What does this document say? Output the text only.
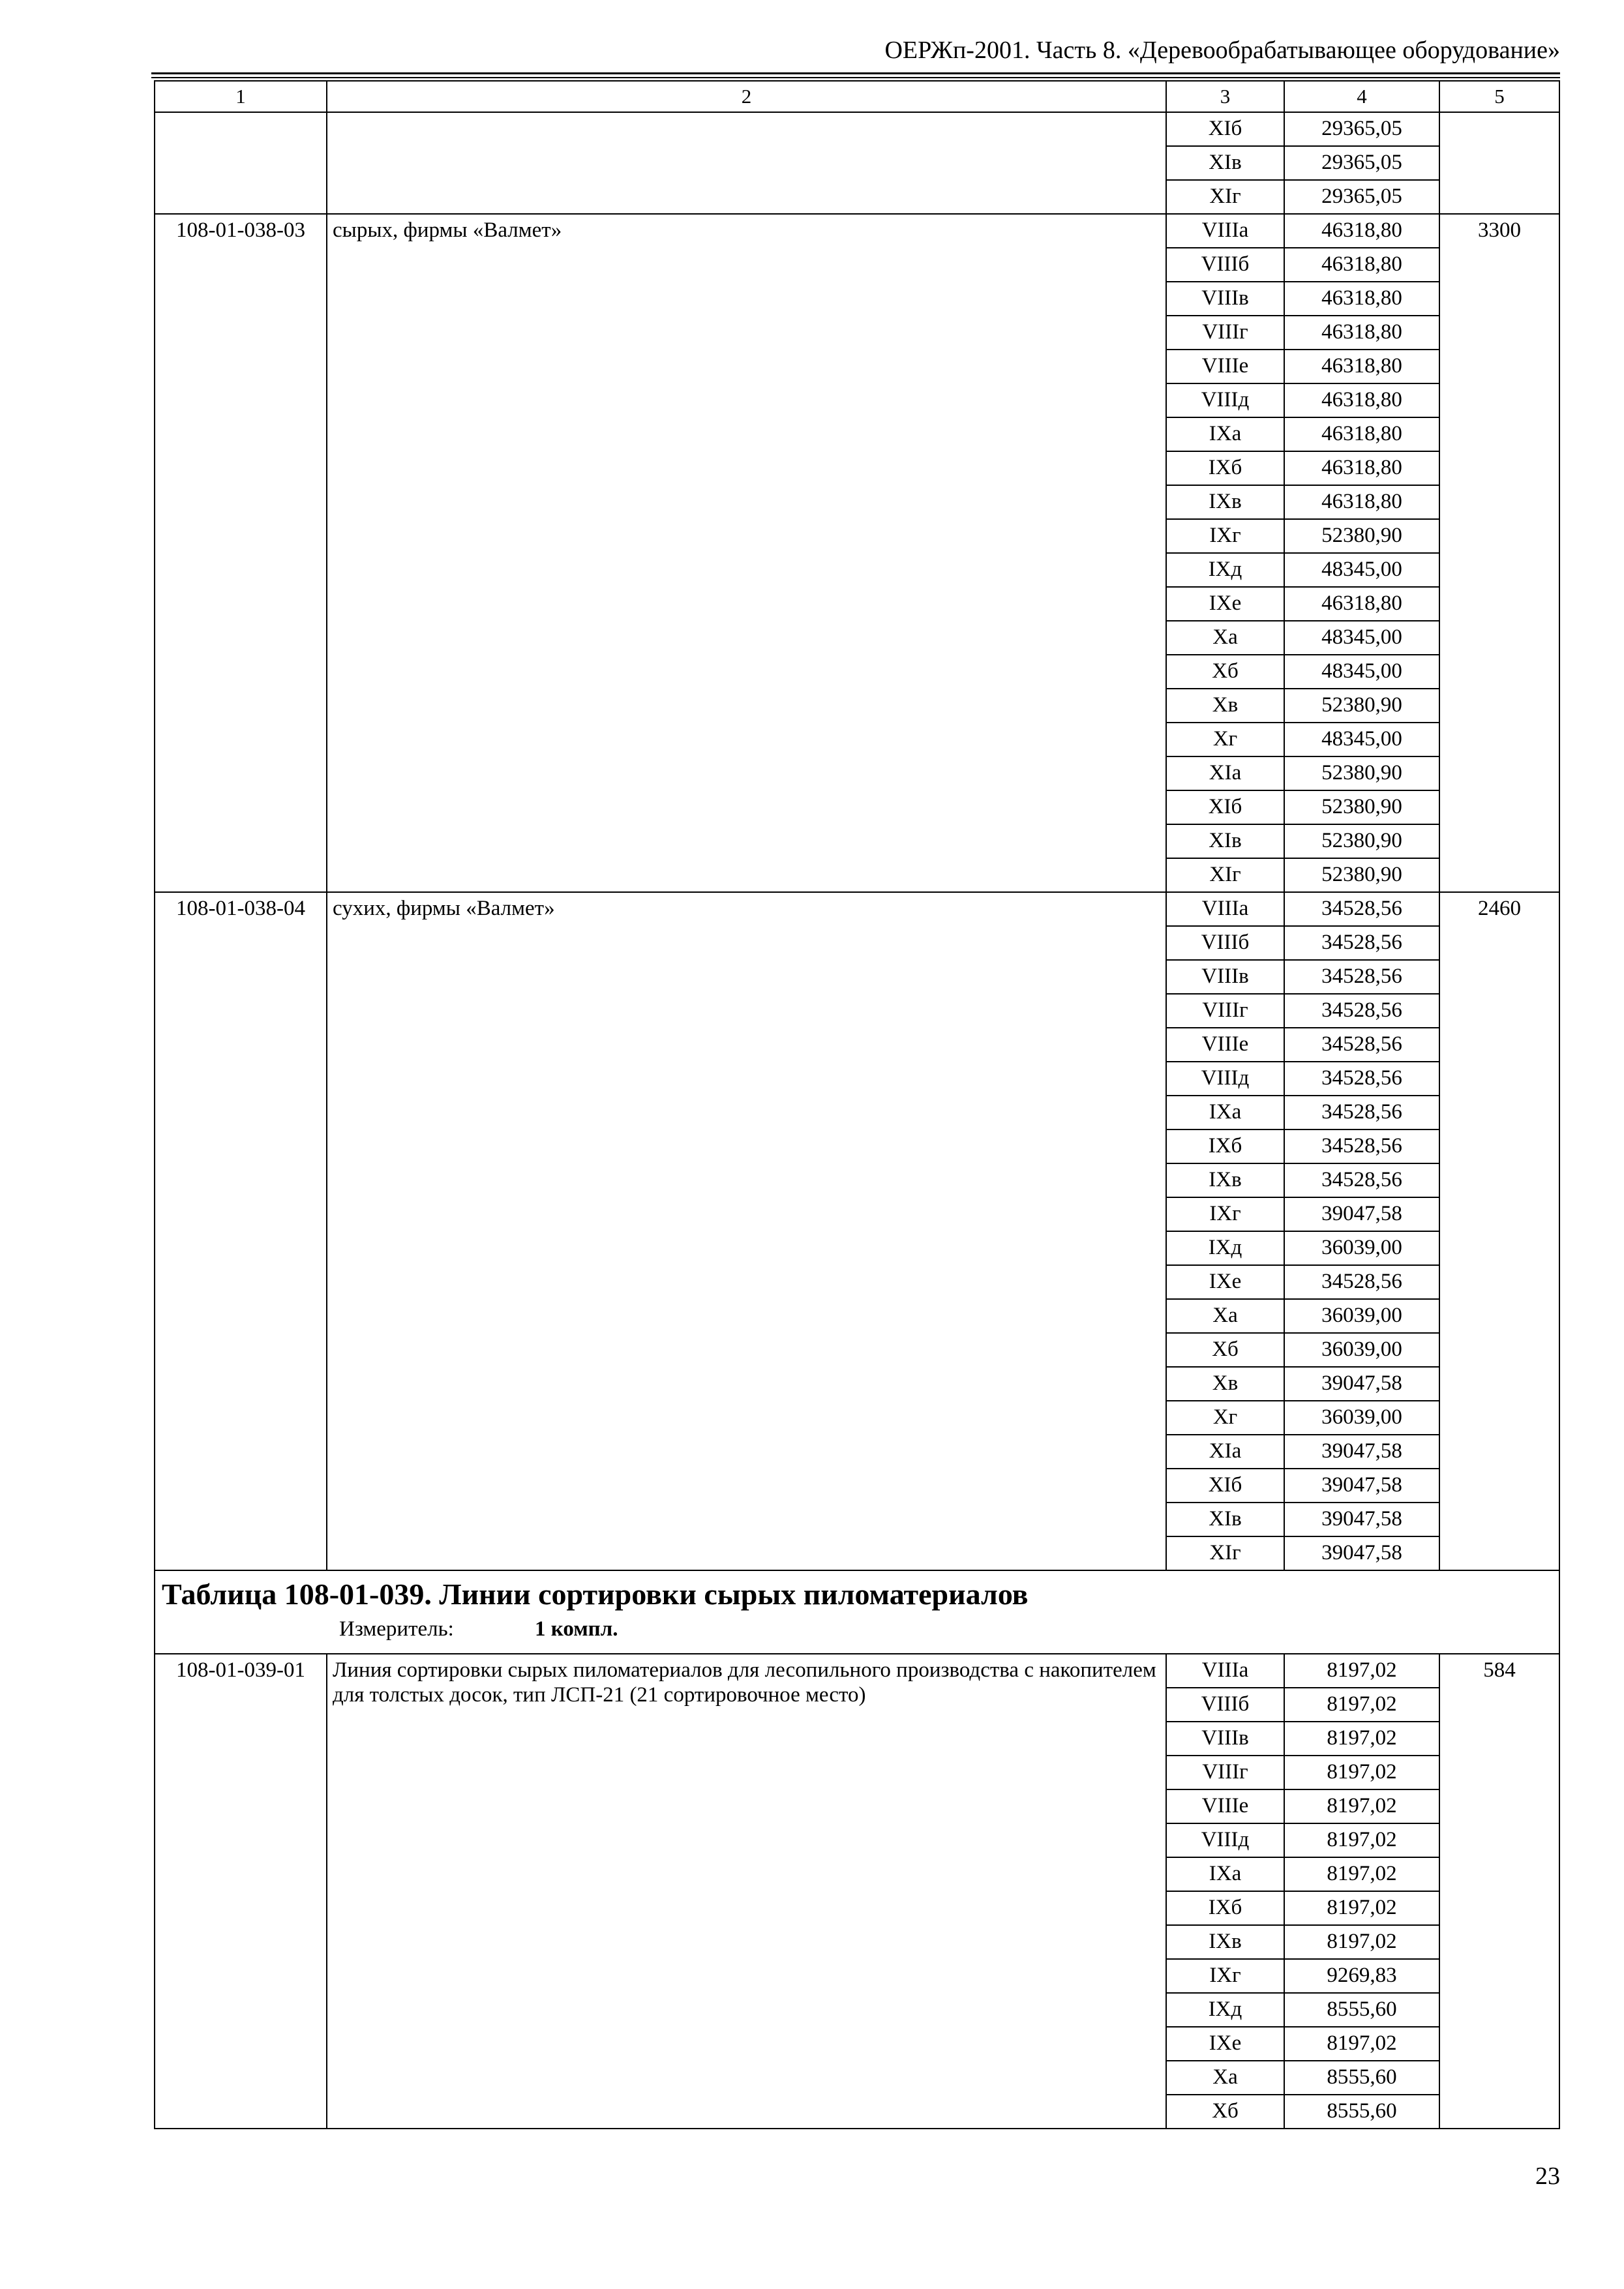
ОЕРЖп-2001. Часть 8. «Деревообрабатывающее оборудование»
1	2	3	4	5
		XIб	29365,05	
		XIв	29365,05	
		XIг	29365,05	
108-01-038-03	сырых, фирмы «Валмет»	VIIIа	46318,80	3300
		VIIIб	46318,80	
		VIIIв	46318,80	
		VIIIг	46318,80	
		VIIIе	46318,80	
		VIIIд	46318,80	
		IXа	46318,80	
		IXб	46318,80	
		IXв	46318,80	
		IXг	52380,90	
		IXд	48345,00	
		IXе	46318,80	
		Xа	48345,00	
		Xб	48345,00	
		Xв	52380,90	
		Xг	48345,00	
		XIа	52380,90	
		XIб	52380,90	
		XIв	52380,90	
		XIг	52380,90	
108-01-038-04	сухих, фирмы «Валмет»	VIIIа	34528,56	2460
		VIIIб	34528,56	
		VIIIв	34528,56	
		VIIIг	34528,56	
		VIIIе	34528,56	
		VIIIд	34528,56	
		IXа	34528,56	
		IXб	34528,56	
		IXв	34528,56	
		IXг	39047,58	
		IXд	36039,00	
		IXе	34528,56	
		Xа	36039,00	
		Xб	36039,00	
		Xв	39047,58	
		Xг	36039,00	
		XIа	39047,58	
		XIб	39047,58	
		XIв	39047,58	
		XIг	39047,58	

Таблица 108-01-039. Линии сортировки сырых пиломатериалов
Измеритель: 1 компл.				

108-01-039-01	Линия сортировки сырых пиломатериалов для лесопильного производства с накопителем для толстых досок, тип ЛСП-21 (21 сортировочное место)	VIIIа	8197,02	584
		VIIIб	8197,02	
		VIIIв	8197,02	
		VIIIг	8197,02	
		VIIIе	8197,02	
		VIIIд	8197,02	
		IXа	8197,02	
		IXб	8197,02	
		IXв	8197,02	
		IXг	9269,83	
		IXд	8555,60	
		IXе	8197,02	
		Xа	8555,60	
		Xб	8555,60	
23
